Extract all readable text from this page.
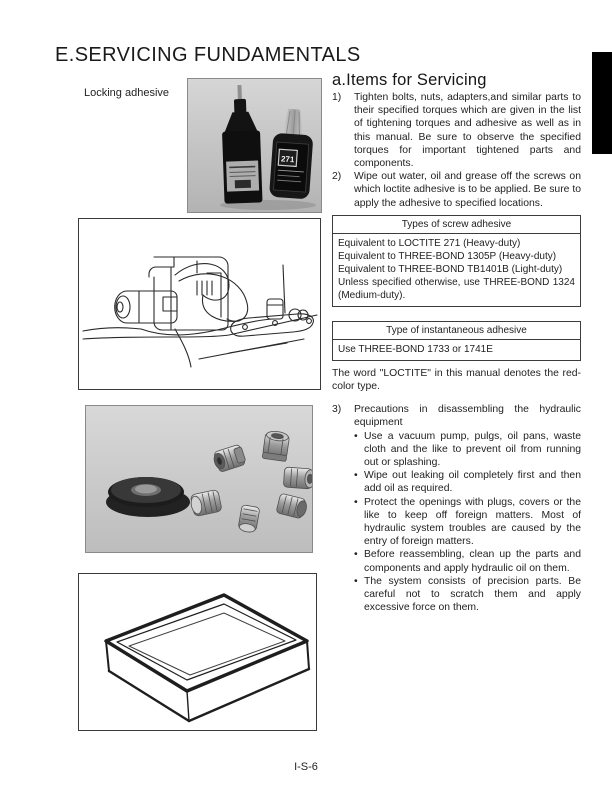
E.SERVICING FUNDAMENTALS
Locking adhesive
271
a.Items for Servicing
1)	Tighten bolts, nuts, adapters,and similar parts to their specified torques which are given in the list of tightening torques and adhesive as well as in this manual. Be sure to observe the specified torques for important tightened parts and components.
2)	Wipe out water, oil and grease off the screws on which loctite adhesive is to be applied. Be sure to apply the adhesive to specified locations.
Types of screw adhesive
Equivalent to LOCTITE 271 (Heavy-duty)
Equivalent to THREE-BOND 1305P (Heavy-duty)
Equivalent to THREE-BOND TB1401B (Light-duty)
Unless specified otherwise, use THREE-BOND 1324 (Medium-duty).
Type of instantaneous adhesive
Use THREE-BOND 1733 or 1741E
The word "LOCTITE" in this manual denotes the red-color type.
3)	Precautions in disassembling the hydraulic equipment
• Use a vacuum pump, pulgs, oil pans, waste cloth and the like to prevent oil from running out or splashing.
• Wipe out leaking oil completely first and then add oil as required.
• Protect the openings with plugs, covers or the like to keep off foreign matters. Most of hydraulic system troubles are caused by the entry of foreign matters.
• Before reassembling, clean up the parts and components and apply hydraulic oil on them.
• The system consists of precision parts. Be careful not to scratch them and apply excessive force on them.
I-S-6
